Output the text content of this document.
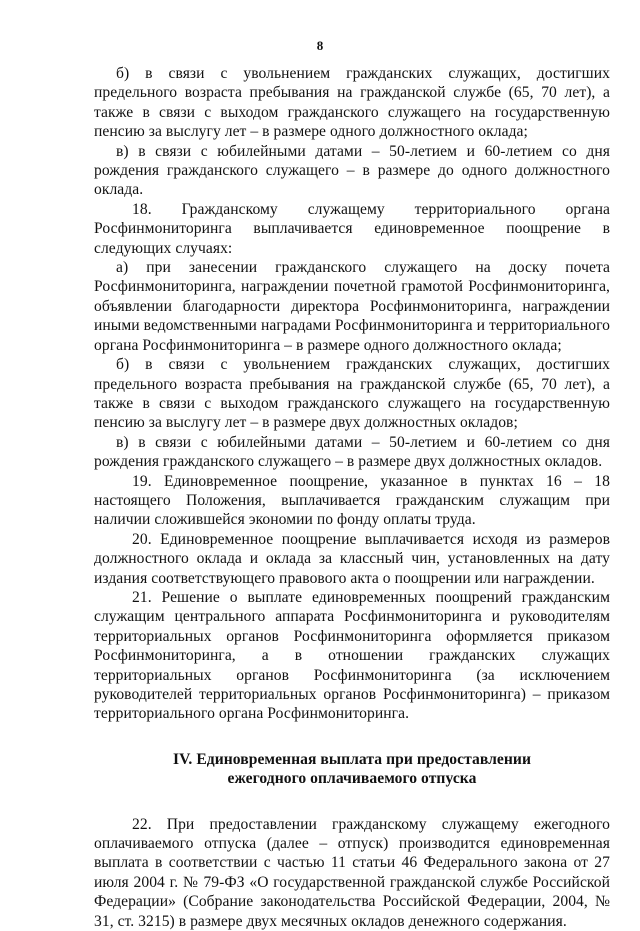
8

б) в связи с увольнением гражданских служащих, достигших предельного возраста пребывания на гражданской службе (65, 70 лет), а также в связи с выходом гражданского служащего на государственную пенсию за выслугу лет – в размере одного должностного оклада;

в) в связи с юбилейными датами – 50-летием и 60-летием со дня рождения гражданского служащего – в размере до одного должностного оклада.

18. Гражданскому служащему территориального органа Росфинмониторинга выплачивается единовременное поощрение в следующих случаях:

а) при занесении гражданского служащего на доску почета Росфинмониторинга, награждении почетной грамотой Росфинмониторинга, объявлении благодарности директора Росфинмониторинга, награждении иными ведомственными наградами Росфинмониторинга и территориального органа Росфинмониторинга – в размере одного должностного оклада;

б) в связи с увольнением гражданских служащих, достигших предельного возраста пребывания на гражданской службе (65, 70 лет), а также в связи с выходом гражданского служащего на государственную пенсию за выслугу лет – в размере двух должностных окладов;

в) в связи с юбилейными датами – 50-летием и 60-летием со дня рождения гражданского служащего – в размере двух должностных окладов.

19. Единовременное поощрение, указанное в пунктах 16 – 18 настоящего Положения, выплачивается гражданским служащим при наличии сложившейся экономии по фонду оплаты труда.

20. Единовременное поощрение выплачивается исходя из размеров должностного оклада и оклада за классный чин, установленных на дату издания соответствующего правового акта о поощрении или награждении.

21. Решение о выплате единовременных поощрений гражданским служащим центрального аппарата Росфинмониторинга и руководителям территориальных органов Росфинмониторинга оформляется приказом Росфинмониторинга, а в отношении гражданских служащих территориальных органов Росфинмониторинга (за исключением руководителей территориальных органов Росфинмониторинга) – приказом территориального органа Росфинмониторинга.

IV. Единовременная выплата при предоставлении
ежегодного оплачиваемого отпуска

22. При предоставлении гражданскому служащему ежегодного оплачиваемого отпуска (далее – отпуск) производится единовременная выплата в соответствии с частью 11 статьи 46 Федерального закона от 27 июля 2004 г. № 79-ФЗ «О государственной гражданской службе Российской Федерации» (Собрание законодательства Российской Федерации, 2004, № 31, ст. 3215) в размере двух месячных окладов денежного содержания.
